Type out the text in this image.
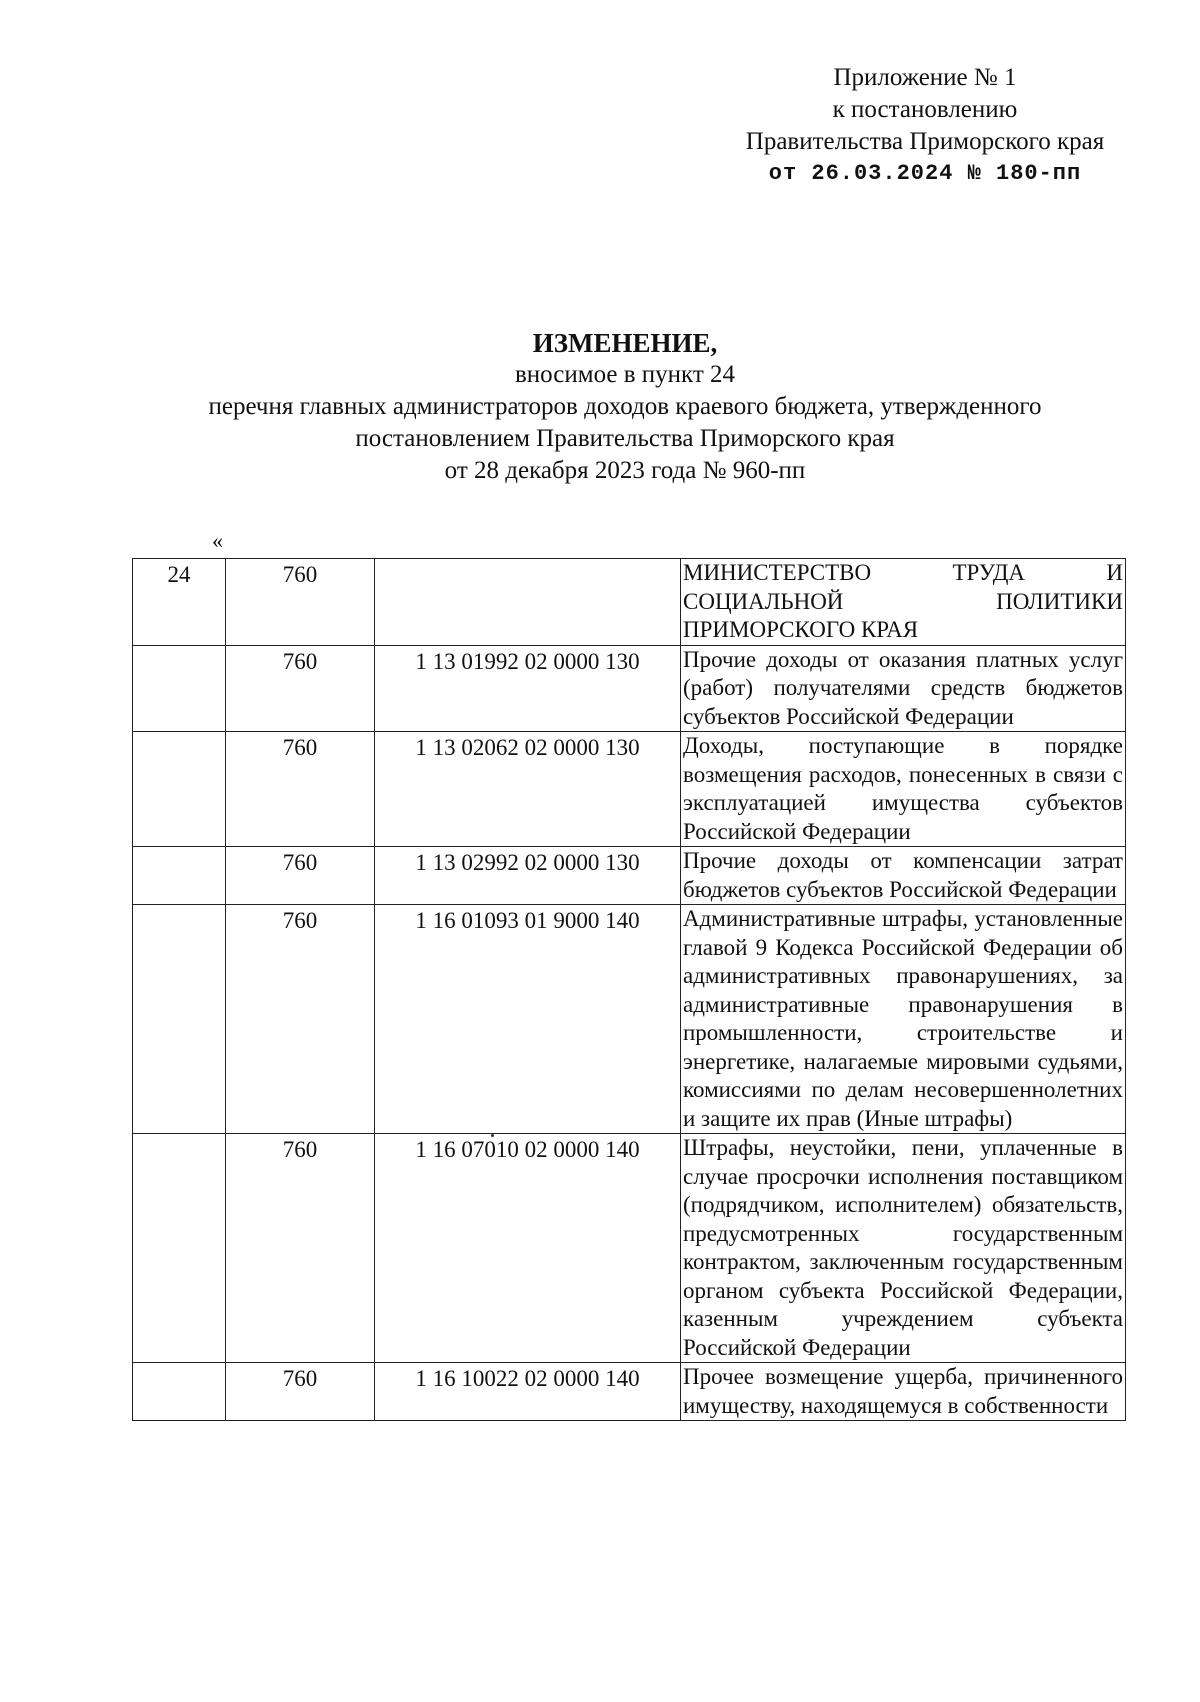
Приложение № 1
к постановлению
Правительства Приморского края
от 26.03.2024 № 180-пп
ИЗМЕНЕНИЕ,
вносимое в пункт 24
перечня главных администраторов доходов краевого бюджета, утвержденного
постановлением Правительства Приморского края
от 28 декабря 2023 года № 960-пп
«
24	760		МИНИСТЕРСТВО ТРУДА И СОЦИАЛЬНОЙ ПОЛИТИКИ ПРИМОРСКОГО КРАЯ

	760	1 13 01992 02 0000 130	Прочие доходы от оказания платных услуг (работ) получателями средств бюджетов субъектов Российской Федерации

	760	1 13 02062 02 0000 130	Доходы, поступающие в порядке возмещения расходов, понесенных в связи с эксплуатацией имущества субъектов Российской Федерации

	760	1 13 02992 02 0000 130	Прочие доходы от компенсации затрат бюджетов субъектов Российской Федерации

	760	1 16 01093 01 9000 140	Административные штрафы, установленные главой 9 Кодекса Российской Федерации об административных правонарушениях, за административные правонарушения в промышленности, строительстве и энергетике, налагаемые мировыми судьями, комиссиями по делам несовершеннолетних и защите их прав (Иные штрафы)

	760	1 16 07010 02 0000 140	Штрафы, неустойки, пени, уплаченные в случае просрочки исполнения поставщиком (подрядчиком, исполнителем) обязательств, предусмотренных государственным контрактом, заключенным государственным органом субъекта Российской Федерации, казенным учреждением субъекта Российской Федерации

	760	1 16 10022 02 0000 140	Прочее возмещение ущерба, причиненного имуществу, находящемуся в собственности
